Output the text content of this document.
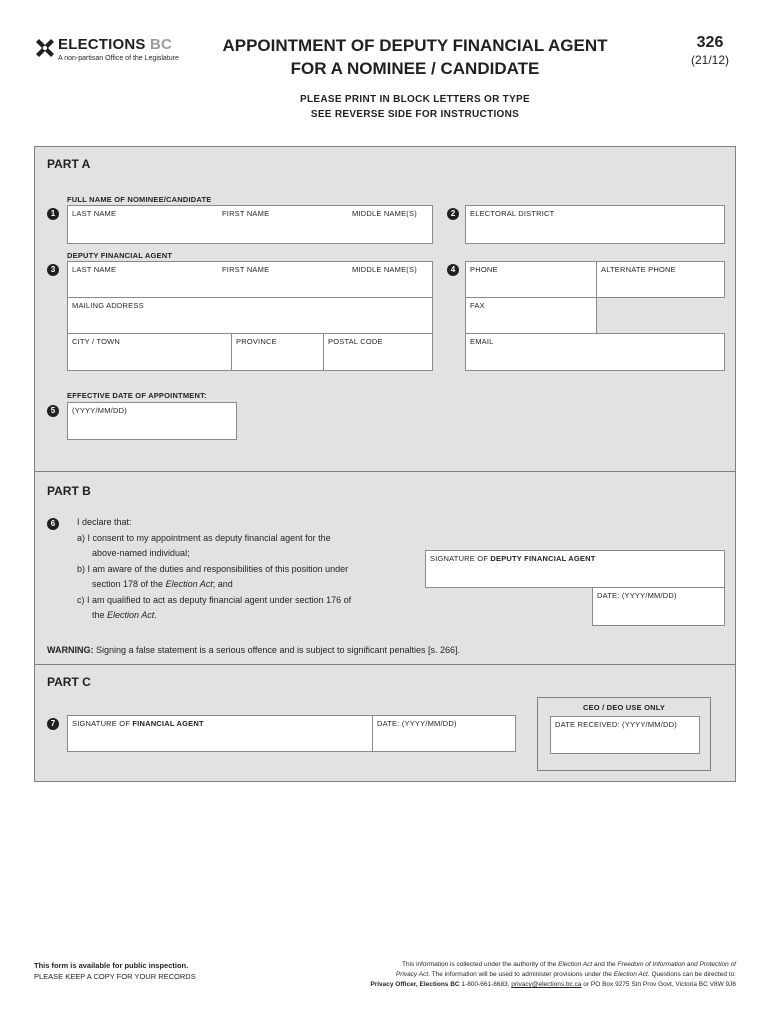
ELECTIONS BC
A non-partisan Office of the Legislature
APPOINTMENT OF DEPUTY FINANCIAL AGENT
FOR A NOMINEE / CANDIDATE
326
(21/12)
PLEASE PRINT IN BLOCK LETTERS OR TYPE
SEE REVERSE SIDE FOR INSTRUCTIONS
PART A
FULL NAME OF NOMINEE/CANDIDATE
1	LAST NAME	FIRST NAME	MIDDLE NAME(S)	2	ELECTORAL DISTRICT
DEPUTY FINANCIAL AGENT
3	LAST NAME	FIRST NAME	MIDDLE NAME(S)	4	PHONE	ALTERNATE PHONE
MAILING ADDRESS	FAX
CITY / TOWN	PROVINCE	POSTAL CODE	EMAIL
EFFECTIVE DATE OF APPOINTMENT:
5	(YYYY/MM/DD)
PART B
6	I declare that:
a) I consent to my appointment as deputy financial agent for the
above-named individual;
b) I am aware of the duties and responsibilities of this position under
section 178 of the Election Act; and
c) I am qualified to act as deputy financial agent under section 176 of
the Election Act.
SIGNATURE OF DEPUTY FINANCIAL AGENT
DATE: (YYYY/MM/DD)
WARNING: Signing a false statement is a serious offence and is subject to significant penalties [s. 266].
PART C
7	SIGNATURE OF FINANCIAL AGENT	DATE: (YYYY/MM/DD)
CEO / DEO USE ONLY
DATE RECEIVED: (YYYY/MM/DD)
This form is available for public inspection.
PLEASE KEEP A COPY FOR YOUR RECORDS
This information is collected under the authority of the Election Act and the Freedom of Information and Protection of
Privacy Act. The information will be used to administer provisions under the Election Act. Questions can be directed to:
Privacy Officer, Elections BC 1-800-661-8683, privacy@elections.bc.ca or PO Box 9275 Stn Prov Govt, Victoria BC V8W 9J6
